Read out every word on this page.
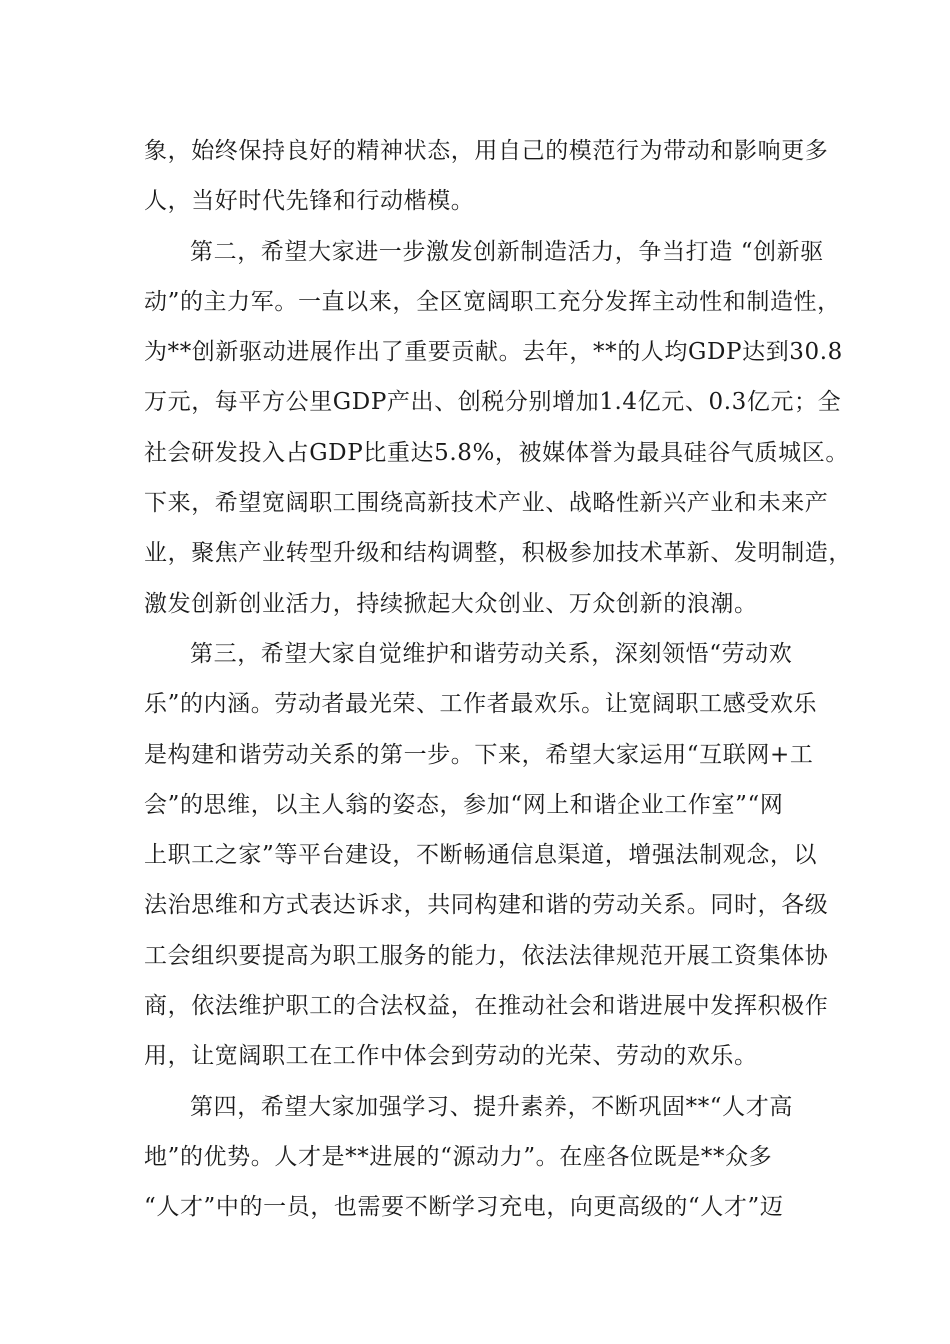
象，始终保持良好的精神状态，用自己的模范行为带动和影响更多
人，当好时代先锋和行动楷模。
第二，希望大家进一步激发创新制造活力，争当打造 “创新驱
动”的主力军。一直以来，全区宽阔职工充分发挥主动性和制造性，
为**创新驱动进展作出了重要贡献。去年，**的人均GDP达到30.8
万元，每平方公里GDP产出、创税分别增加1.4亿元、0.3亿元；全
社会研发投入占GDP比重达5.8%，被媒体誉为最具硅谷气质城区。
下来，希望宽阔职工围绕高新技术产业、战略性新兴产业和未来产
业，聚焦产业转型升级和结构调整，积极参加技术革新、发明制造，
激发创新创业活力，持续掀起大众创业、万众创新的浪潮。
第三，希望大家自觉维护和谐劳动关系，深刻领悟“劳动欢
乐”的内涵。劳动者最光荣、工作者最欢乐。让宽阔职工感受欢乐
是构建和谐劳动关系的第一步。下来，希望大家运用“互联网+工
会”的思维，以主人翁的姿态，参加“网上和谐企业工作室”“网
上职工之家”等平台建设，不断畅通信息渠道，增强法制观念，以
法治思维和方式表达诉求，共同构建和谐的劳动关系。同时，各级
工会组织要提高为职工服务的能力，依法法律规范开展工资集体协
商，依法维护职工的合法权益，在推动社会和谐进展中发挥积极作
用，让宽阔职工在工作中体会到劳动的光荣、劳动的欢乐。
第四，希望大家加强学习、提升素养，不断巩固**“人才高
地”的优势。人才是**进展的“源动力”。在座各位既是**众多
“人才”中的一员，也需要不断学习充电，向更高级的“人才”迈
